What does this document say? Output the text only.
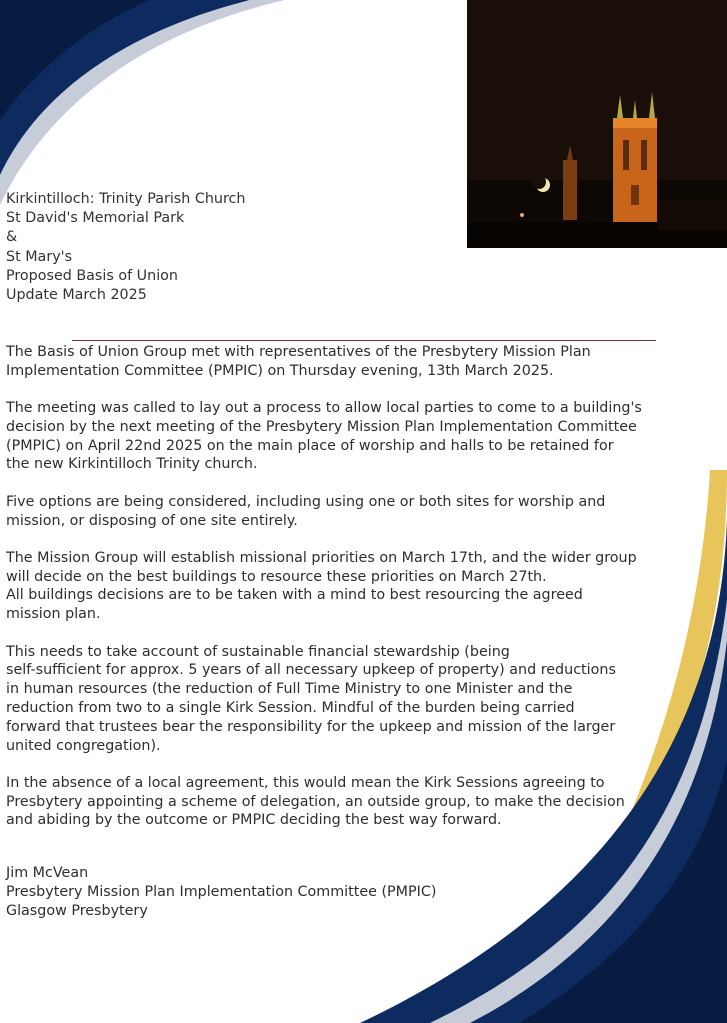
Kirkintilloch: Trinity Parish Church
St David's Memorial Park
&
St Mary's
Proposed Basis of Union
Update March 2025
The Basis of Union Group met with representatives of the Presbytery Mission Plan
Implementation Committee (PMPIC) on Thursday evening, 13th March 2025.
The meeting was called to lay out a process to allow local parties to come to a building's
decision by the next meeting of the Presbytery Mission Plan Implementation Committee
(PMPIC) on April 22nd 2025 on the main place of worship and halls to be retained for
the new Kirkintilloch Trinity church.
Five options are being considered, including using one or both sites for worship and
mission, or disposing of one site entirely.
The Mission Group will establish missional priorities on March 17th, and the wider group
will decide on the best buildings to resource these priorities on March 27th.
All buildings decisions are to be taken with a mind to best resourcing the agreed
mission plan.
This needs to take account of sustainable financial stewardship (being
self-sufficient for approx. 5 years of all necessary upkeep of property) and reductions
in human resources (the reduction of Full Time Ministry to one Minister and the
reduction from two to a single Kirk Session. Mindful of the burden being carried
forward that trustees bear the responsibility for the upkeep and mission of the larger
united congregation).
In the absence of a local agreement, this would mean the Kirk Sessions agreeing to
Presbytery appointing a scheme of delegation, an outside group, to make the decision
and abiding by the outcome or PMPIC deciding the best way forward.
Jim McVean
Presbytery Mission Plan Implementation Committee (PMPIC)
Glasgow Presbytery
